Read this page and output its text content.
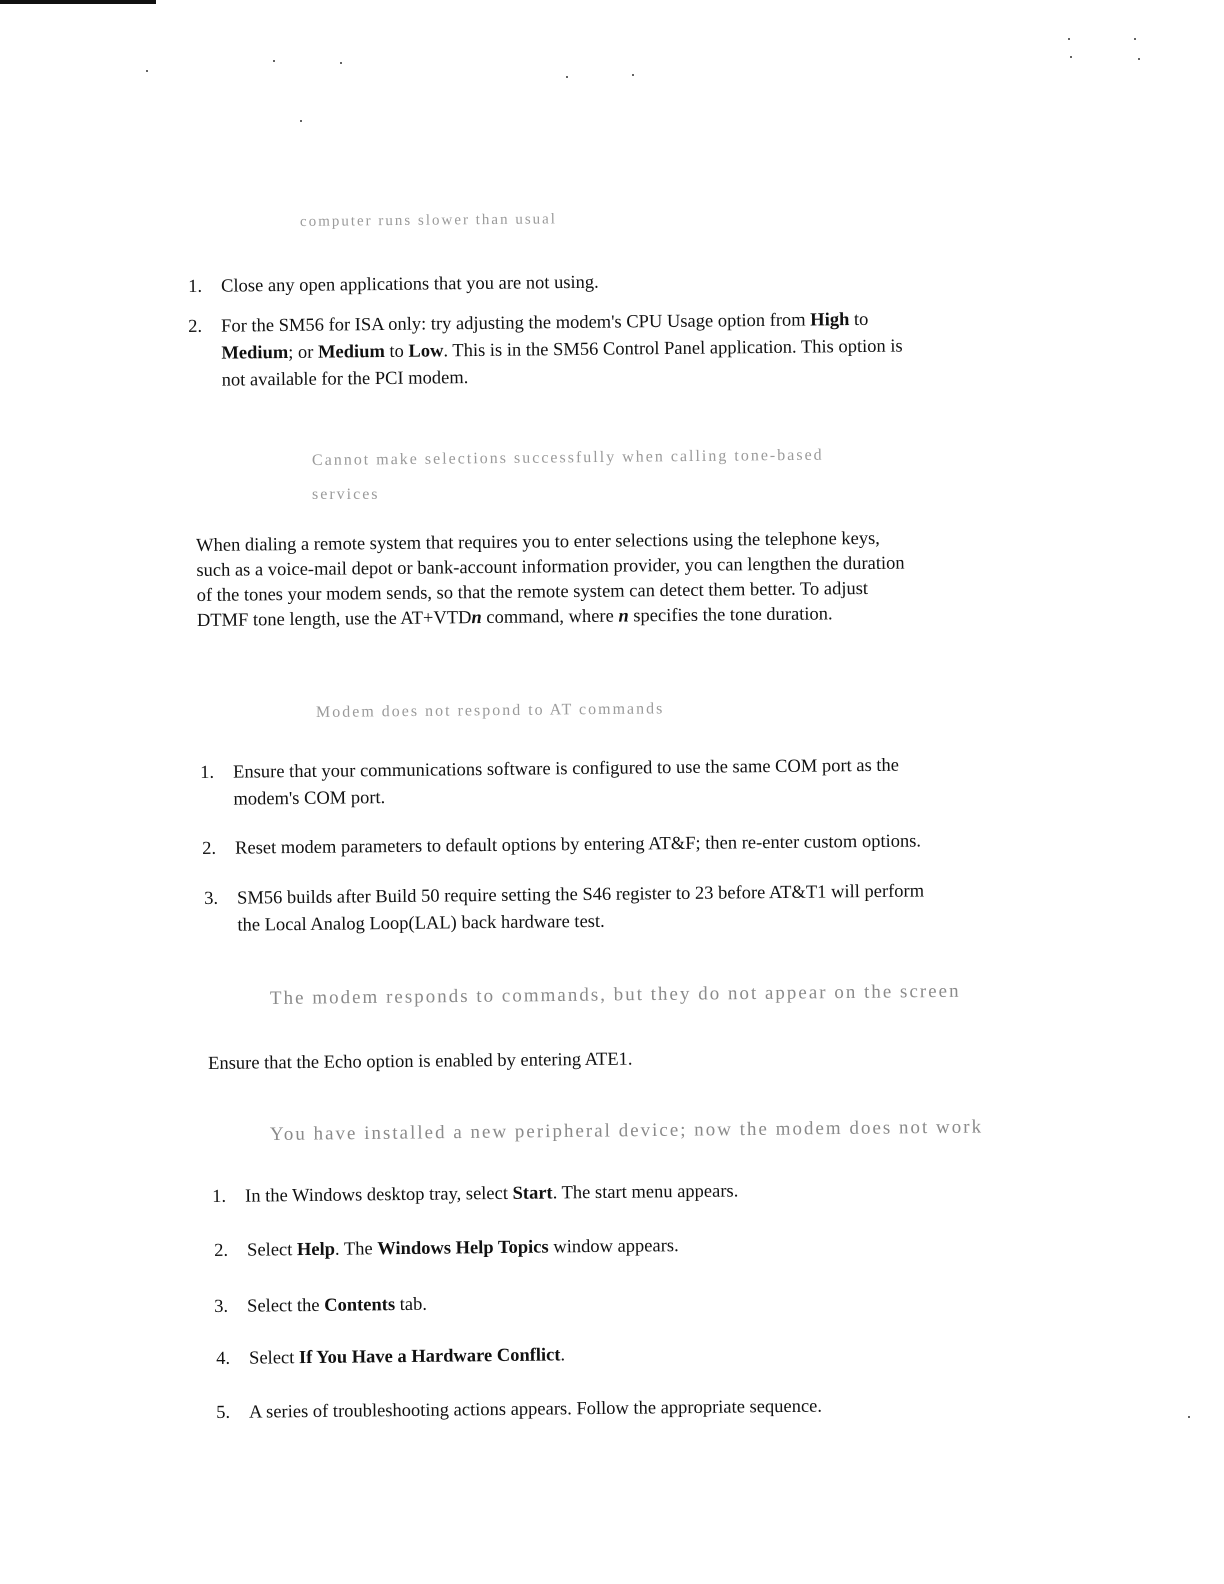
computer runs slower than usual
1. Close any open applications that you are not using.
2. For the SM56 for ISA only: try adjusting the modem's CPU Usage option from High to
Medium; or Medium to Low. This is in the SM56 Control Panel application. This option is
not available for the PCI modem.
Cannot make selections successfully when calling tone-based
services
When dialing a remote system that requires you to enter selections using the telephone keys,
such as a voice-mail depot or bank-account information provider, you can lengthen the duration
of the tones your modem sends, so that the remote system can detect them better. To adjust
DTMF tone length, use the AT+VTDn command, where n specifies the tone duration.
Modem does not respond to AT commands
1. Ensure that your communications software is configured to use the same COM port as the
modem's COM port.
2. Reset modem parameters to default options by entering AT&F; then re-enter custom options.
3. SM56 builds after Build 50 require setting the S46 register to 23 before AT&T1 will perform
the Local Analog Loop(LAL) back hardware test.
The modem responds to commands, but they do not appear on the screen
Ensure that the Echo option is enabled by entering ATE1.
You have installed a new peripheral device; now the modem does not work
1. In the Windows desktop tray, select Start. The start menu appears.
2. Select Help. The Windows Help Topics window appears.
3. Select the Contents tab.
4. Select If You Have a Hardware Conflict.
5. A series of troubleshooting actions appears. Follow the appropriate sequence.
